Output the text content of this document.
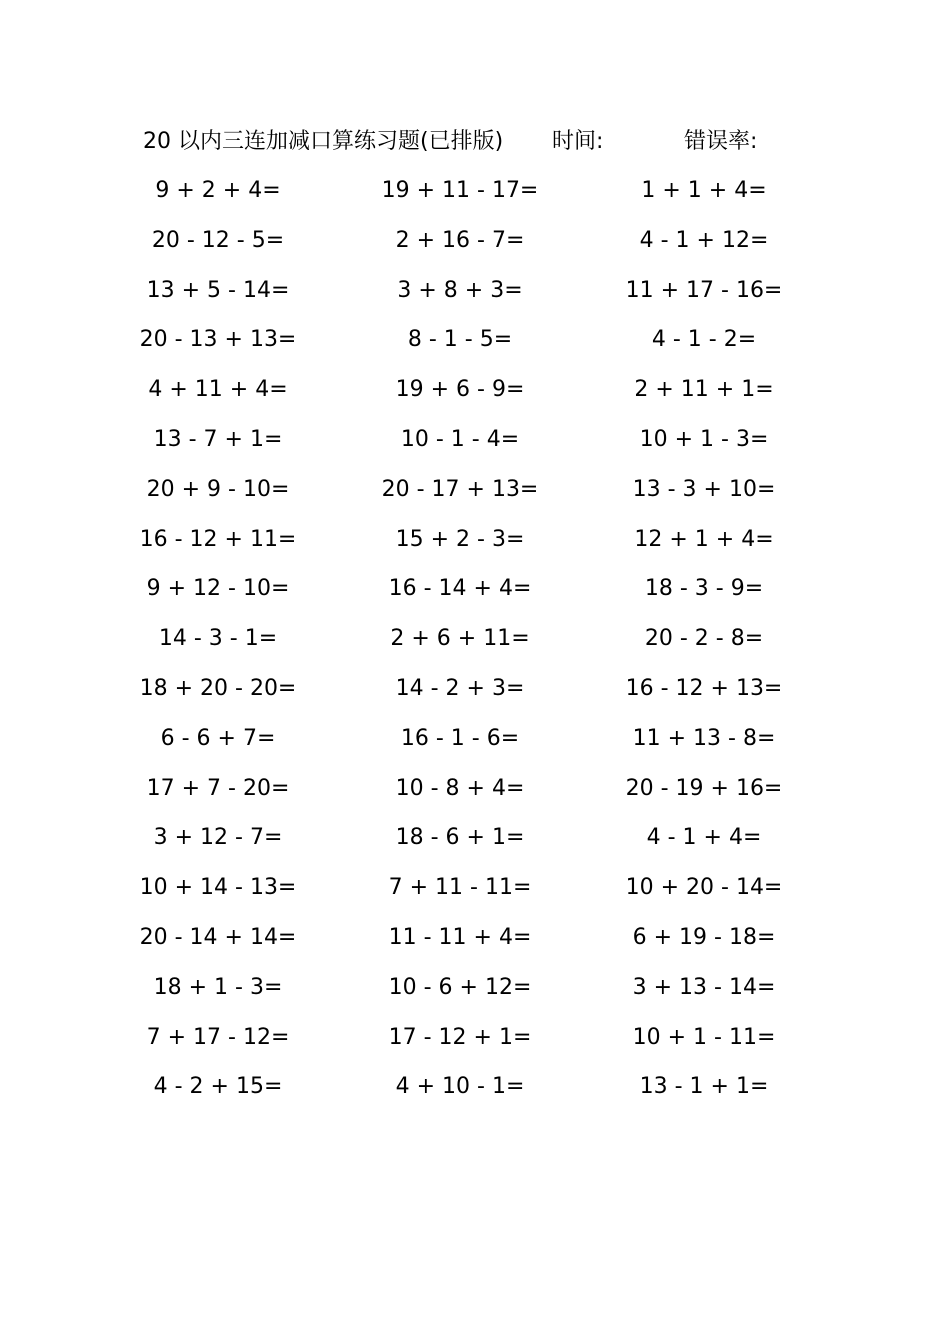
20 以内三连加减口算练习题(已排版) 时间:	错误率:
9 + 2 + 4=	19 + 11 - 17=	1 + 1 + 4=
20 - 12 - 5=	2 + 16 - 7=	4 - 1 + 12=
13 + 5 - 14=	3 + 8 + 3=	11 + 17 - 16=
20 - 13 + 13=	8 - 1 - 5=	4 - 1 - 2=
4 + 11 + 4=	19 + 6 - 9=	2 + 11 + 1=
13 - 7 + 1=	10 - 1 - 4=	10 + 1 - 3=
20 + 9 - 10=	20 - 17 + 13=	13 - 3 + 10=
16 - 12 + 11=	15 + 2 - 3=	12 + 1 + 4=
9 + 12 - 10=	16 - 14 + 4=	18 - 3 - 9=
14 - 3 - 1=	2 + 6 + 11=	20 - 2 - 8=
18 + 20 - 20=	14 - 2 + 3=	16 - 12 + 13=
6 - 6 + 7=	16 - 1 - 6=	11 + 13 - 8=
17 + 7 - 20=	10 - 8 + 4=	20 - 19 + 16=
3 + 12 - 7=	18 - 6 + 1=	4 - 1 + 4=
10 + 14 - 13=	7 + 11 - 11=	10 + 20 - 14=
20 - 14 + 14=	11 - 11 + 4=	6 + 19 - 18=
18 + 1 - 3=	10 - 6 + 12=	3 + 13 - 14=
7 + 17 - 12=	17 - 12 + 1=	10 + 1 - 11=
4 - 2 + 15=	4 + 10 - 1=	13 - 1 + 1=
